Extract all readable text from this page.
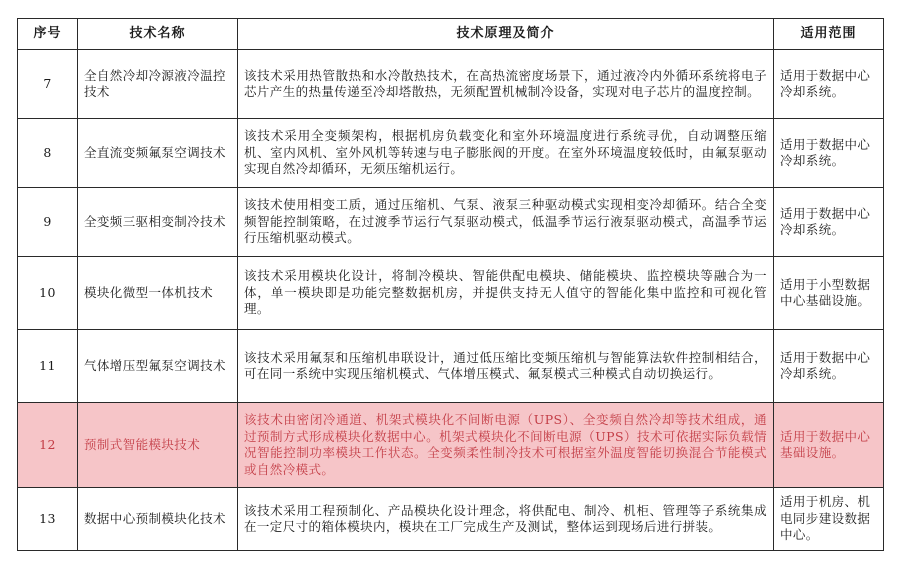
序号	技术名称	技术原理及简介	适用范围
7	全自然冷却冷源液冷温控技术	该技术采用热管散热和水冷散热技术，在高热流密度场景下，通过液冷内外循环系统将电子芯片产生的热量传递至冷却塔散热，无须配置机械制冷设备，实现对电子芯片的温度控制。	适用于数据中心冷却系统。
8	全直流变频氟泵空调技术	该技术采用全变频架构，根据机房负载变化和室外环境温度进行系统寻优，自动调整压缩机、室内风机、室外风机等转速与电子膨胀阀的开度。在室外环境温度较低时，由氟泵驱动实现自然冷却循环，无须压缩机运行。	适用于数据中心冷却系统。
9	全变频三驱相变制冷技术	该技术使用相变工质，通过压缩机、气泵、液泵三种驱动模式实现相变冷却循环。结合全变频智能控制策略，在过渡季节运行气泵驱动模式，低温季节运行液泵驱动模式，高温季节运行压缩机驱动模式。	适用于数据中心冷却系统。
10	模块化微型一体机技术	该技术采用模块化设计，将制冷模块、智能供配电模块、储能模块、监控模块等融合为一体，单一模块即是功能完整数据机房，并提供支持无人值守的智能化集中监控和可视化管理。	适用于小型数据中心基础设施。
11	气体增压型氟泵空调技术	该技术采用氟泵和压缩机串联设计，通过低压缩比变频压缩机与智能算法软件控制相结合，可在同一系统中实现压缩机模式、气体增压模式、氟泵模式三种模式自动切换运行。	适用于数据中心冷却系统。
12	预制式智能模块技术	该技术由密闭冷通道、机架式模块化不间断电源（UPS）、全变频自然冷却等技术组成，通过预制方式形成模块化数据中心。机架式模块化不间断电源（UPS）技术可依据实际负载情况智能控制功率模块工作状态。全变频柔性制冷技术可根据室外温度智能切换混合节能模式或自然冷模式。	适用于数据中心基础设施。
13	数据中心预制模块化技术	该技术采用工程预制化、产品模块化设计理念，将供配电、制冷、机柜、管理等子系统集成在一定尺寸的箱体模块内，模块在工厂完成生产及测试，整体运到现场后进行拼装。	适用于机房、机电同步建设数据中心。
